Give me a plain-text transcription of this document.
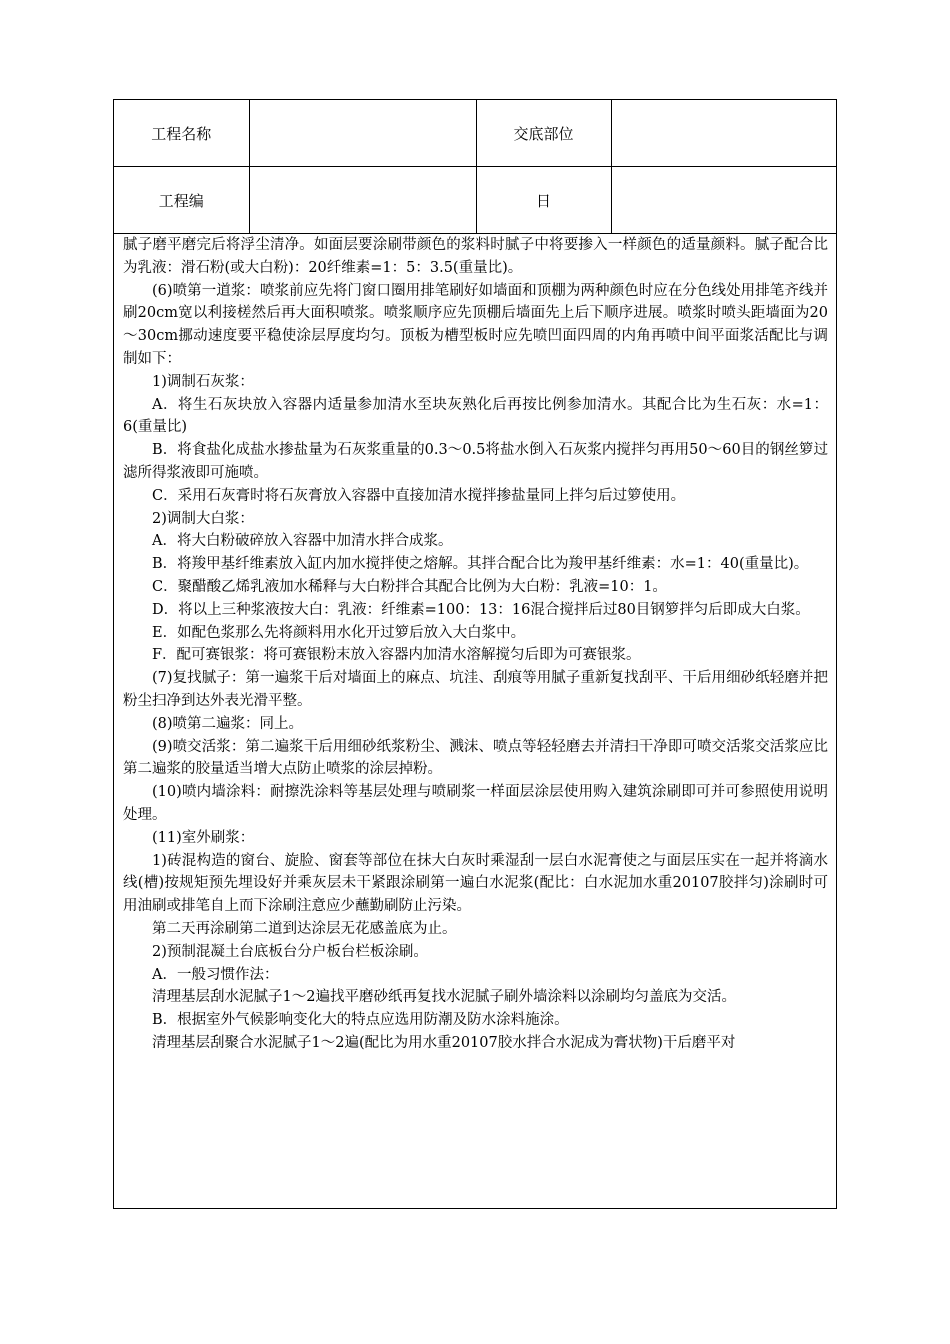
工程名称		交底部位	
工程编		日	

腻子磨平磨完后将浮尘清净。如面层要涂刷带颜色的浆料时腻子中将要掺入一样颜色的适量颜料。腻子配合比为乳液：滑石粉(或大白粉)：20纤维素=1：5：3.5(重量比)。

(6)喷第一道浆：喷浆前应先将门窗口圈用排笔刷好如墙面和顶棚为两种颜色时应在分色线处用排笔齐线并刷20cm宽以利接槎然后再大面积喷浆。喷浆顺序应先顶棚后墙面先上后下顺序进展。喷浆时喷头距墙面为20～30cm挪动速度要平稳使涂层厚度均匀。顶板为槽型板时应先喷凹面四周的内角再喷中间平面浆活配比与调制如下：

1)调制石灰浆：

A．将生石灰块放入容器内适量参加清水至块灰熟化后再按比例参加清水。其配合比为生石灰：水=1：6(重量比)

B．将食盐化成盐水掺盐量为石灰浆重量的0.3～0.5将盐水倒入石灰浆内搅拌匀再用50～60目的钢丝箩过滤所得浆液即可施喷。

C．采用石灰膏时将石灰膏放入容器中直接加清水搅拌掺盐量同上拌匀后过箩使用。

2)调制大白浆：

A．将大白粉破碎放入容器中加清水拌合成浆。

B．将羧甲基纤维素放入缸内加水搅拌使之熔解。其拌合配合比为羧甲基纤维素：水=1：40(重量比)。

C．聚醋酸乙烯乳液加水稀释与大白粉拌合其配合比例为大白粉：乳液=10：1。

D．将以上三种浆液按大白：乳液：纤维素=100：13：16混合搅拌后过80目钢箩拌匀后即成大白浆。

E．如配色浆那么先将颜料用水化开过箩后放入大白浆中。

F．配可赛银浆：将可赛银粉末放入容器内加清水溶解搅匀后即为可赛银浆。

(7)复找腻子：第一遍浆干后对墙面上的麻点、坑洼、刮痕等用腻子重新复找刮平、干后用细砂纸轻磨并把粉尘扫净到达外表光滑平整。

(8)喷第二遍浆：同上。

(9)喷交活浆：第二遍浆干后用细砂纸浆粉尘、溅沫、喷点等轻轻磨去并清扫干净即可喷交活浆交活浆应比第二遍浆的胶量适当增大点防止喷浆的涂层掉粉。

(10)喷内墙涂料：耐擦洗涂料等基层处理与喷刷浆一样面层涂层使用购入建筑涂刷即可并可参照使用说明处理。

(11)室外刷浆：

1)砖混构造的窗台、旋脸、窗套等部位在抹大白灰时乘湿刮一层白水泥膏使之与面层压实在一起并将滴水线(槽)按规矩预先埋设好并乘灰层未干紧跟涂刷第一遍白水泥浆(配比：白水泥加水重20107胶拌匀)涂刷时可用油刷或排笔自上而下涂刷注意应少蘸勤刷防止污染。

第二天再涂刷第二道到达涂层无花感盖底为止。

2)预制混凝土台底板台分户板台栏板涂刷。

A．一般习惯作法：

清理基层刮水泥腻子1～2遍找平磨砂纸再复找水泥腻子刷外墙涂料以涂刷均匀盖底为交活。

B．根据室外气候影响变化大的特点应选用防潮及防水涂料施涂。

清理基层刮聚合水泥腻子1～2遍(配比为用水重20107胶水拌合水泥成为膏状物)干后磨平对
